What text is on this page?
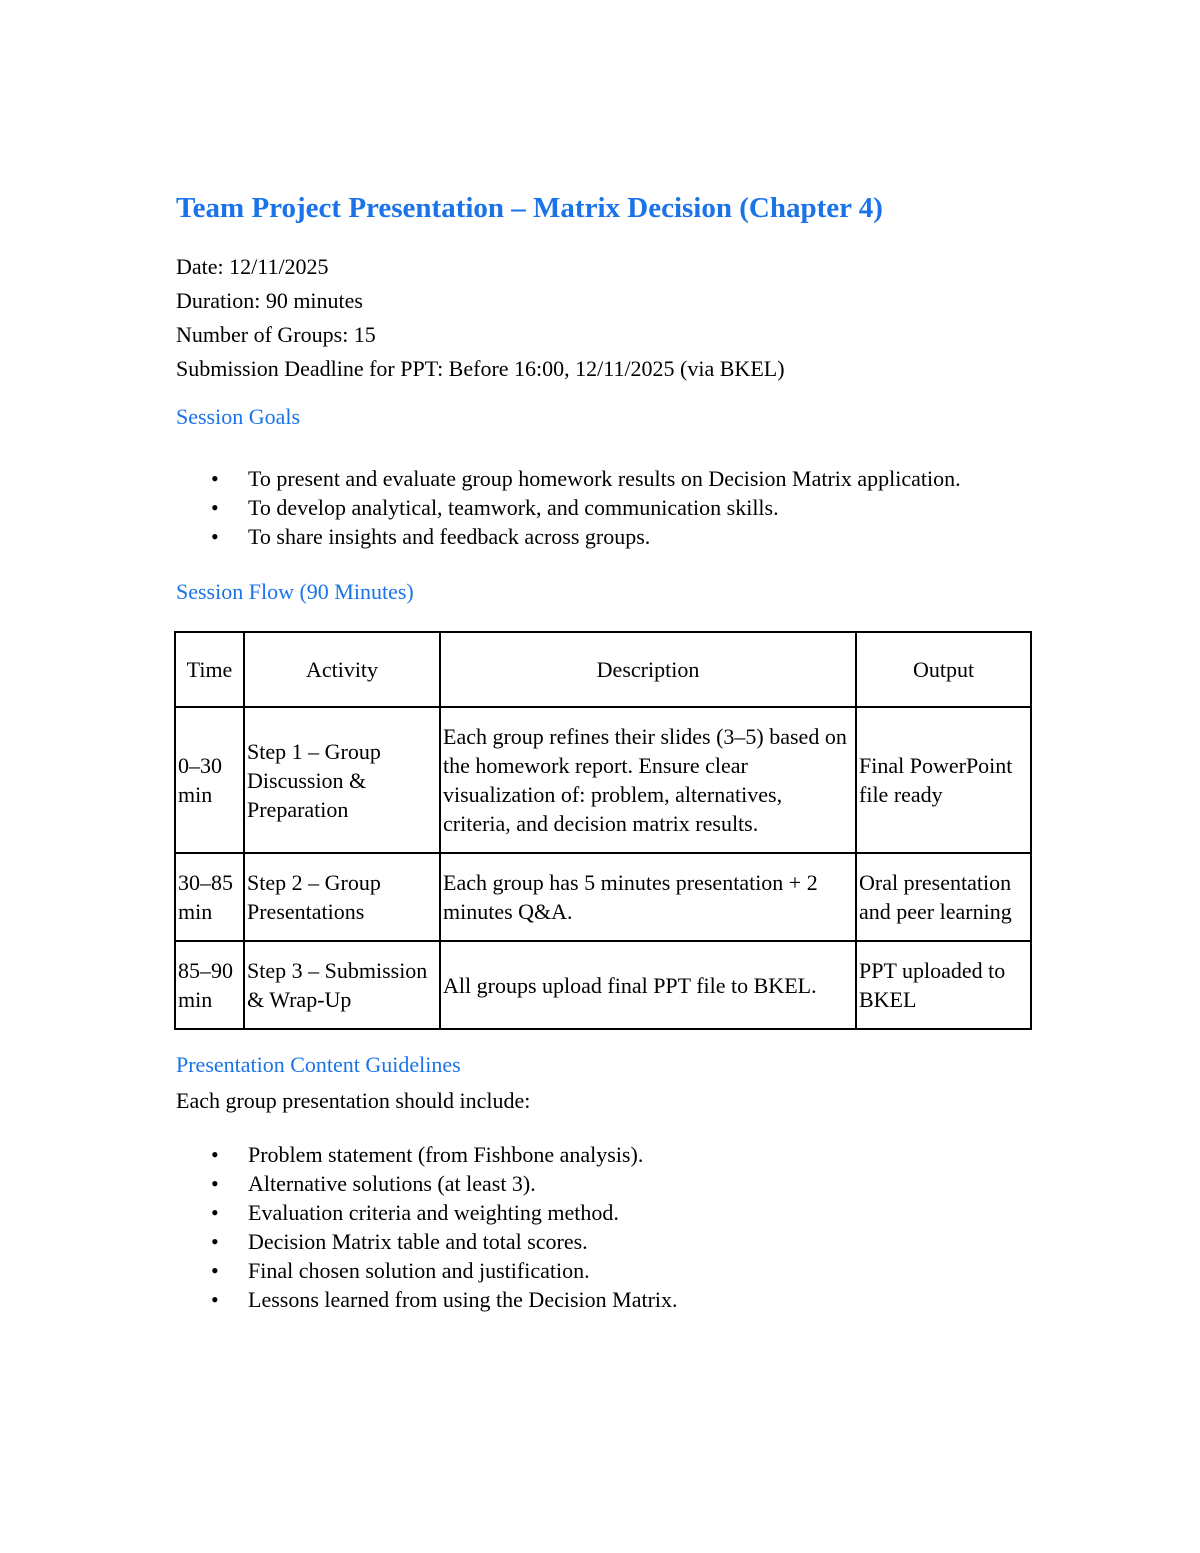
Team Project Presentation – Matrix Decision (Chapter 4)

Date: 12/11/2025

Duration: 90 minutes

Number of Groups: 15

Submission Deadline for PPT: Before 16:00, 12/11/2025 (via BKEL)

Session Goals
• To present and evaluate group homework results on Decision Matrix application.
• To develop analytical, teamwork, and communication skills.
• To share insights and feedback across groups.
Session Flow (90 Minutes)
Time	Activity	Description	Output
0–30 min	Step 1 – Group Discussion & Preparation	Each group refines their slides (3–5) based on the homework report. Ensure clear visualization of: problem, alternatives, criteria, and decision matrix results.	Final PowerPoint file ready
30–85 min	Step 2 – Group Presentations	Each group has 5 minutes presentation + 2 minutes Q&A.	Oral presentation and peer learning
85–90 min	Step 3 – Submission & Wrap-Up	All groups upload final PPT file to BKEL.	PPT uploaded to BKEL
Presentation Content Guidelines

Each group presentation should include:

• Problem statement (from Fishbone analysis).
• Alternative solutions (at least 3).
• Evaluation criteria and weighting method.
• Decision Matrix table and total scores.
• Final chosen solution and justification.
• Lessons learned from using the Decision Matrix.
